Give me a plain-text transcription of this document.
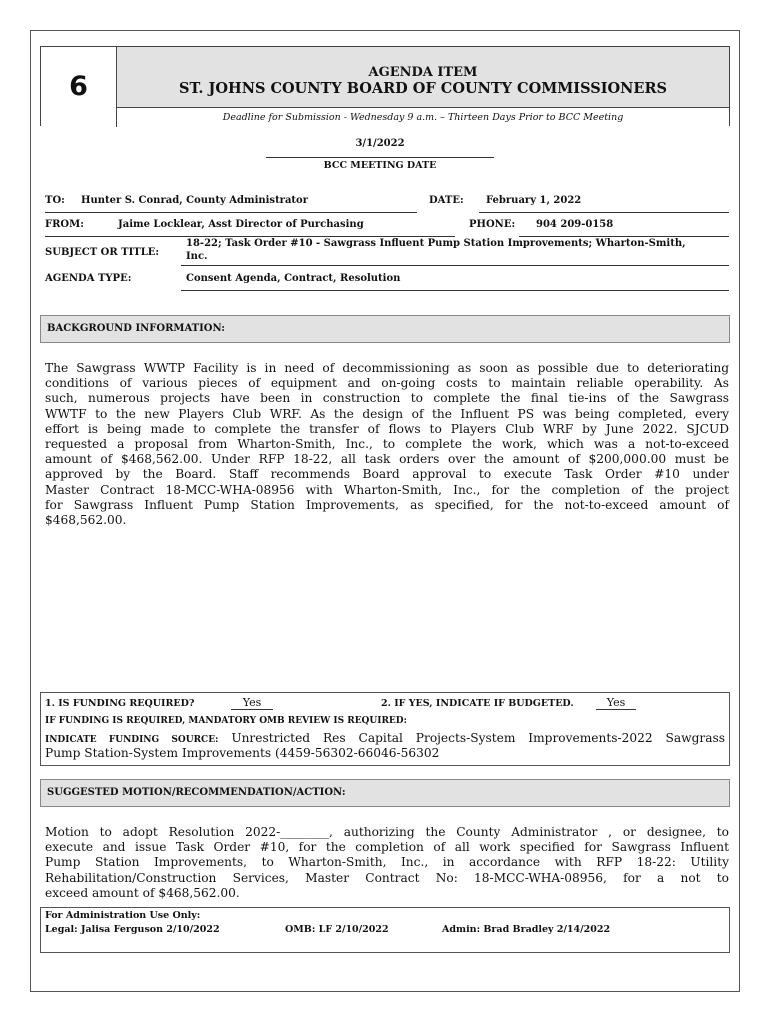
6	AGENDA ITEM
ST. JOHNS COUNTY BOARD OF COUNTY COMMISSIONERS
Deadline for Submission - Wednesday 9 a.m. – Thirteen Days Prior to BCC Meeting
3/1/2022
BCC MEETING DATE
TO: Hunter S. Conrad, County Administrator	DATE: February 1, 2022
FROM:	Jaime Locklear, Asst Director of Purchasing	PHONE: 904 209-0158
SUBJECT OR TITLE:
18-22; Task Order #10 - Sawgrass Influent Pump Station Improvements; Wharton-Smith,
Inc.
AGENDA TYPE:	Consent Agenda, Contract, Resolution
BACKGROUND INFORMATION:
The Sawgrass WWTP Facility is in need of decommissioning as soon as possible due to deteriorating
conditions of various pieces of equipment and on-going costs to maintain reliable operability. As
such, numerous projects have been in construction to complete the final tie-ins of the Sawgrass
WWTF to the new Players Club WRF. As the design of the Influent PS was being completed, every
effort is being made to complete the transfer of flows to Players Club WRF by June 2022. SJCUD
requested a proposal from Wharton-Smith, Inc., to complete the work, which was a not-to-exceed
amount of $468,562.00. Under RFP 18-22, all task orders over the amount of $200,000.00 must be
approved by the Board. Staff recommends Board approval to execute Task Order #10 under
Master Contract 18-MCC-WHA-08956 with Wharton-Smith, Inc., for the completion of the project
for Sawgrass Influent Pump Station Improvements, as specified, for the not-to-exceed amount of
$468,562.00.
1. IS FUNDING REQUIRED?	Yes	2. IF YES, INDICATE IF BUDGETED.	Yes
IF FUNDING IS REQUIRED, MANDATORY OMB REVIEW IS REQUIRED:
INDICATE FUNDING SOURCE: Unrestricted Res Capital Projects-System Improvements-2022 Sawgrass
Pump Station-System Improvements (4459-56302-66046-56302
SUGGESTED MOTION/RECOMMENDATION/ACTION:
Motion to adopt Resolution 2022-________, authorizing the County Administrator , or designee, to
execute and issue Task Order #10, for the completion of all work specified for Sawgrass Influent
Pump Station Improvements, to Wharton-Smith, Inc., in accordance with RFP 18-22: Utility
Rehabilitation/Construction Services, Master Contract No: 18-MCC-WHA-08956, for a not to
exceed amount of $468,562.00.
For Administration Use Only:
Legal: Jalisa Ferguson 2/10/2022	OMB: LF 2/10/2022	Admin: Brad Bradley 2/14/2022
